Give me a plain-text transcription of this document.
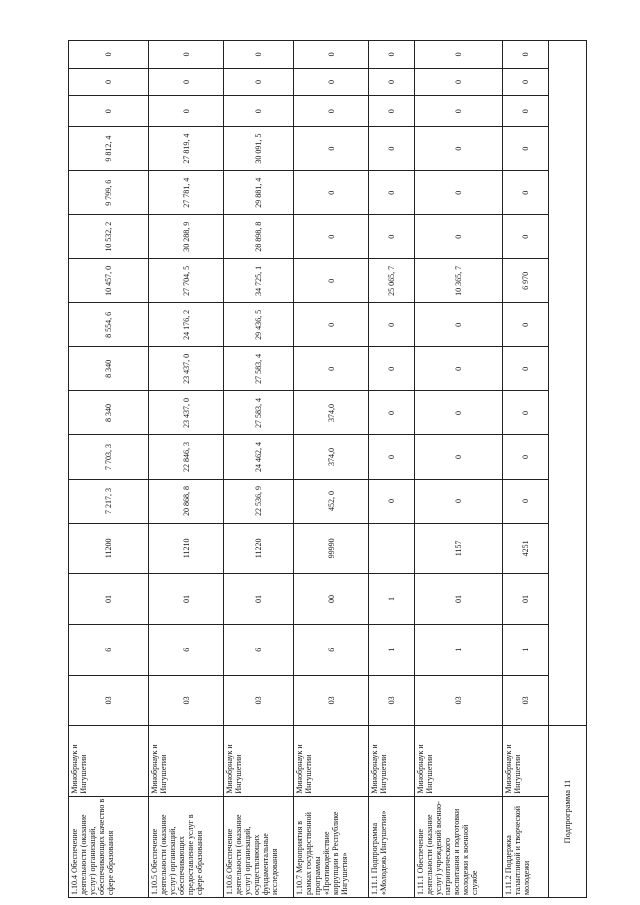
1.10.4 Обеспечение деятельности (оказание услуг) организаций, обеспечивающих качество в сфере образования	Минобрнаук и Ингушетии	03	6	01	11200	7 217, 3	7 703, 3	8 340	8 340	8 554, 6	10 457, 0	10 532, 2	9 799, 6	9 812, 4	0	0	0
1.10.5 Обеспечение деятельности (оказание услуг) организаций, обеспечивающих предоставление услуг в сфере образования	Минобрнаук и Ингушетии	03	6	01	11210	20 868, 8	22 846, 3	23 437, 0	23 437, 0	24 176, 2	27 704, 5	30 288, 9	27 781, 4	27 819, 4	0	0	0
1.10.6 Обеспечение деятельности (оказание услуг) организаций, осуществляющих фундаментальные исследования	Минобрнаук и Ингушетии	03	6	01	11220	22 536, 9	24 462, 4	27 583, 4	27 583, 4	29 436, 5	34 725, 1	28 898, 8	29 881, 4	30 091, 5	0	0	0
1.10.7 Мероприятия в рамках государственной программы «Противодействие коррупции в Республике Ингушетия»	Минобрнаук и Ингушетии	03	6	00	99990	452, 0	374,0	374,0	0	0	0	0	0	0	0	0	0
1.11.1 Подпрограмма «Молодежь Ингушетии»	Минобрнаук и Ингушетии	03	1	1		0	0	0	0	0	25 065, 7	0	0	0	0	0	0
1.11.1 Обеспечение деятельности (оказание услуг) учреждений военно-патриотического воспитания и подготовки молодежи к военной службе	Минобрнаук и Ингушетии	03	1	01	1157	0	0	0	0	0	10 365, 7	0	0	0	0	0	0
1.11.2 Поддержка талантливой и творческой молодежи	Минобрнаук и Ингушетии	03	1	01	4251	0	0	0	0	0	6 970	0	0	0	0	0	0
Подпрограмма 11																	
